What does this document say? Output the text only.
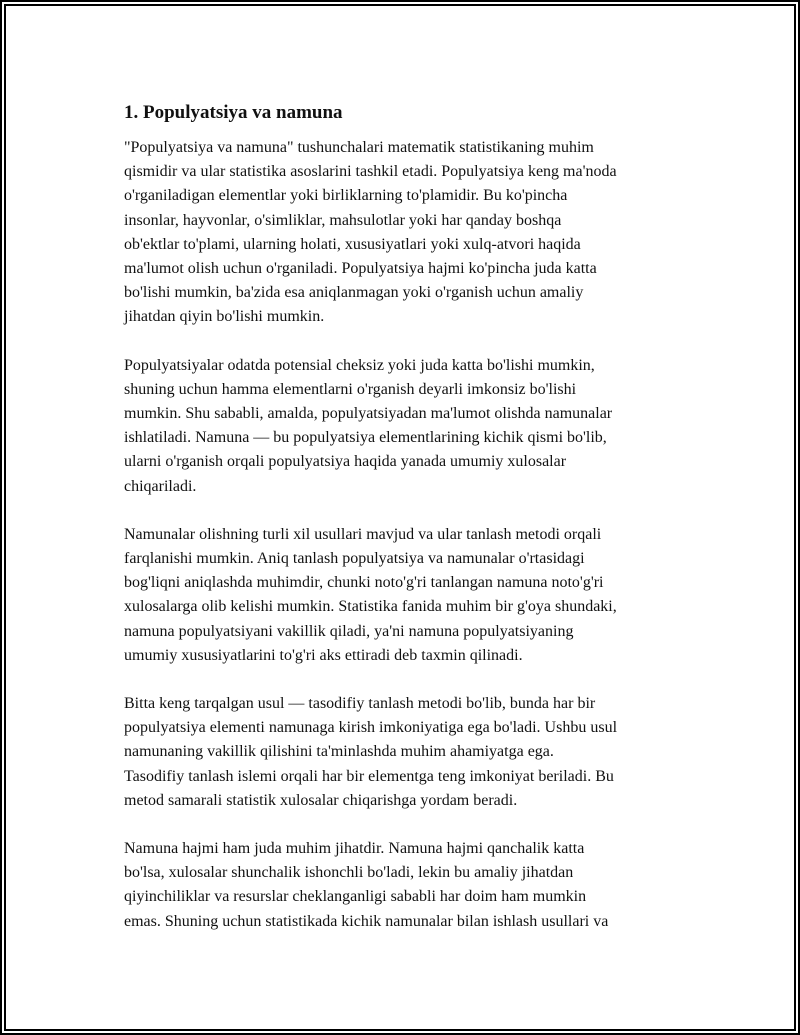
1. Populyatsiya va namuna
"Populyatsiya va namuna" tushunchalari matematik statistikaning muhim
qismidir va ular statistika asoslarini tashkil etadi. Populyatsiya keng ma'noda
o'rganiladigan elementlar yoki birliklarning to'plamidir. Bu ko'pincha
insonlar, hayvonlar, o'simliklar, mahsulotlar yoki har qanday boshqa
ob'ektlar to'plami, ularning holati, xususiyatlari yoki xulq-atvori haqida
ma'lumot olish uchun o'rganiladi. Populyatsiya hajmi ko'pincha juda katta
bo'lishi mumkin, ba'zida esa aniqlanmagan yoki o'rganish uchun amaliy
jihatdan qiyin bo'lishi mumkin.
Populyatsiyalar odatda potensial cheksiz yoki juda katta bo'lishi mumkin,
shuning uchun hamma elementlarni o'rganish deyarli imkonsiz bo'lishi
mumkin. Shu sababli, amalda, populyatsiyadan ma'lumot olishda namunalar
ishlatiladi. Namuna — bu populyatsiya elementlarining kichik qismi bo'lib,
ularni o'rganish orqali populyatsiya haqida yanada umumiy xulosalar
chiqariladi.
Namunalar olishning turli xil usullari mavjud va ular tanlash metodi orqali
farqlanishi mumkin. Aniq tanlash populyatsiya va namunalar o'rtasidagi
bog'liqni aniqlashda muhimdir, chunki noto'g'ri tanlangan namuna noto'g'ri
xulosalarga olib kelishi mumkin. Statistika fanida muhim bir g'oya shundaki,
namuna populyatsiyani vakillik qiladi, ya'ni namuna populyatsiyaning
umumiy xususiyatlarini to'g'ri aks ettiradi deb taxmin qilinadi.
Bitta keng tarqalgan usul — tasodifiy tanlash metodi bo'lib, bunda har bir
populyatsiya elementi namunaga kirish imkoniyatiga ega bo'ladi. Ushbu usul
namunaning vakillik qilishini ta'minlashda muhim ahamiyatga ega.
Tasodifiy tanlash islemi orqali har bir elementga teng imkoniyat beriladi. Bu
metod samarali statistik xulosalar chiqarishga yordam beradi.
Namuna hajmi ham juda muhim jihatdir. Namuna hajmi qanchalik katta
bo'lsa, xulosalar shunchalik ishonchli bo'ladi, lekin bu amaliy jihatdan
qiyinchiliklar va resurslar cheklanganligi sababli har doim ham mumkin
emas. Shuning uchun statistikada kichik namunalar bilan ishlash usullari va
